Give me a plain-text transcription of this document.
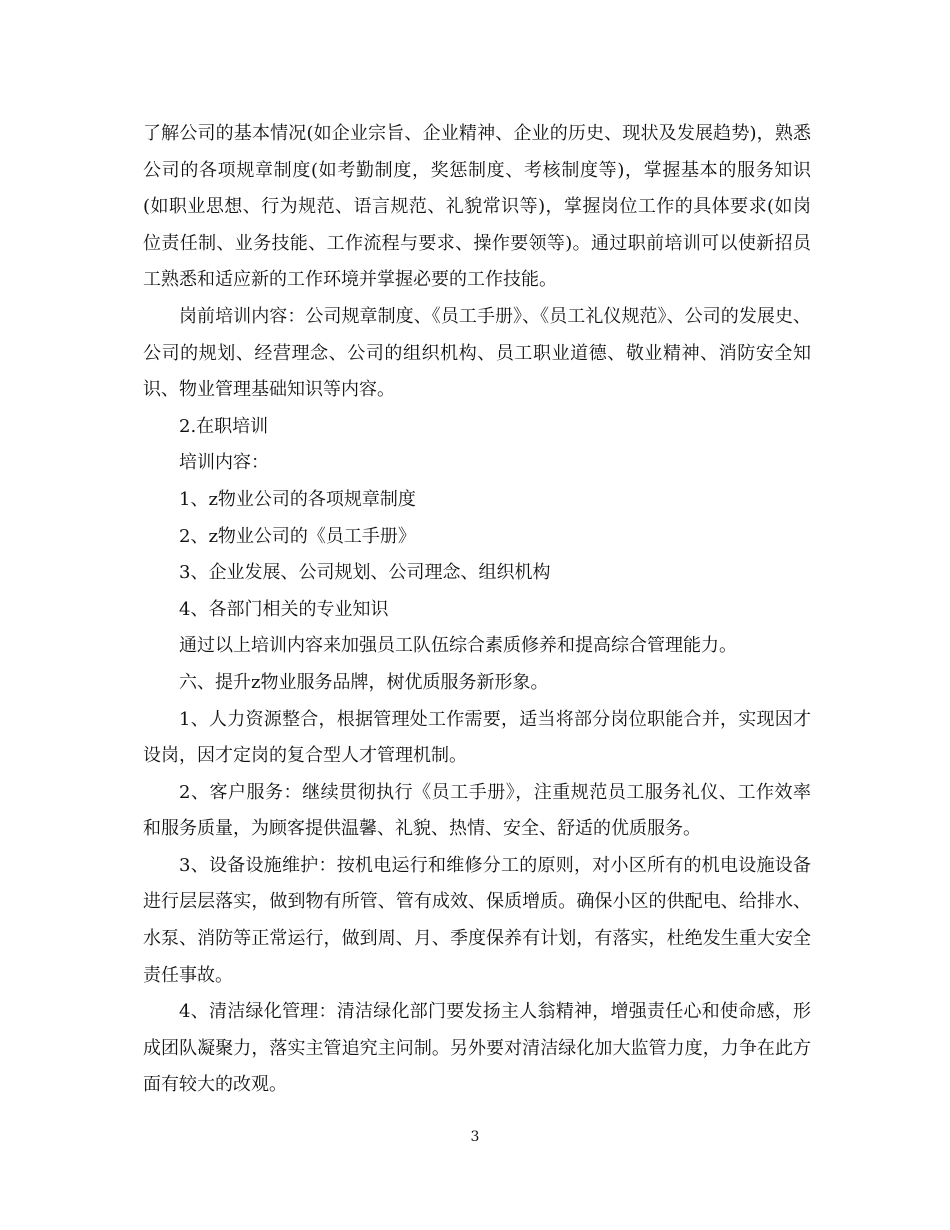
了解公司的基本情况(如企业宗旨、企业精神、企业的历史、现状及发展趋势)，熟悉 公司的各项规章制度(如考勤制度，奖惩制度、考核制度等)，掌握基本的服务知识(如职业思想、行为规范、语言规范、礼貌常识等)，掌握岗位工作的具体要求(如岗位责任制、业务技能、工作流程与要求、操作要领等)。通过职前培训可以使新招员工熟悉和适应新的工作环境并掌握必要的工作技能。

岗前培训内容：公司规章制度、《员工手册》、《员工礼仪规范》、公司的发展史、公司的规划、经营理念、公司的组织机构、员工职业道德、敬业精神、消防安全知识、物业管理基础知识等内容。

2.在职培训

培训内容：

1、z物业公司的各项规章制度

2、z物业公司的《员工手册》

3、企业发展、公司规划、公司理念、组织机构

4、各部门相关的专业知识

通过以上培训内容来加强员工队伍综合素质修养和提高综合管理能力。

六、提升z物业服务品牌，树优质服务新形象。

1、人力资源整合，根据管理处工作需要，适当将部分岗位职能合并，实现因才设岗，因才定岗的复合型人才管理机制。

2、客户服务：继续贯彻执行《员工手册》，注重规范员工服务礼仪、工作效率和服务质量，为顾客提供温馨、礼貌、热情、安全、舒适的优质服务。

3、设备设施维护：按机电运行和维修分工的原则，对小区所有的机电设施设备进行层层落实，做到物有所管、管有成效、保质增质。确保小区的供配电、给排水、水泵、消防等正常运行，做到周、月、季度保养有计划，有落实，杜绝发生重大安全责任事故。

4、清洁绿化管理：清洁绿化部门要发扬主人翁精神，增强责任心和使命感，形成团队凝聚力，落实主管追究主问制。另外要对清洁绿化加大监管力度，力争在此方面有较大的改观。

3
